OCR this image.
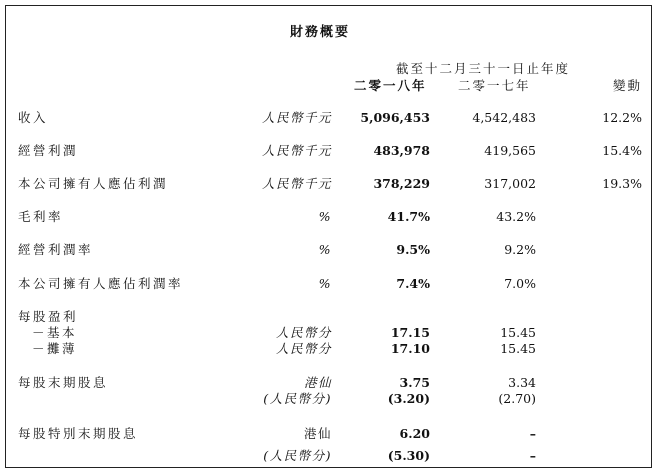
財務概要
截至十二月三十一日止年度
二零一八年	二零一七年	變動
收入	人民幣千元 5,096,453	4,542,483	12.2%
經營利潤	人民幣千元	483,978	419,565	15.4%
本公司擁有人應佔利潤	人民幣千元	378,229	317,002	19.3%
毛利率	%	41.7%	43.2%
經營利潤率	%	9.5%	9.2%
本公司擁有人應佔利潤率	%	7.4%	7.0%
每股盈利
－基本	人民幣分	17.15	15.45
－攤薄	人民幣分	17.10	15.45
每股末期股息	港仙	3.75	3.34
(人民幣分)	(3.20)	(2.70)
每股特別末期股息	港仙	6.20	–
(人民幣分)	(5.30)	–
